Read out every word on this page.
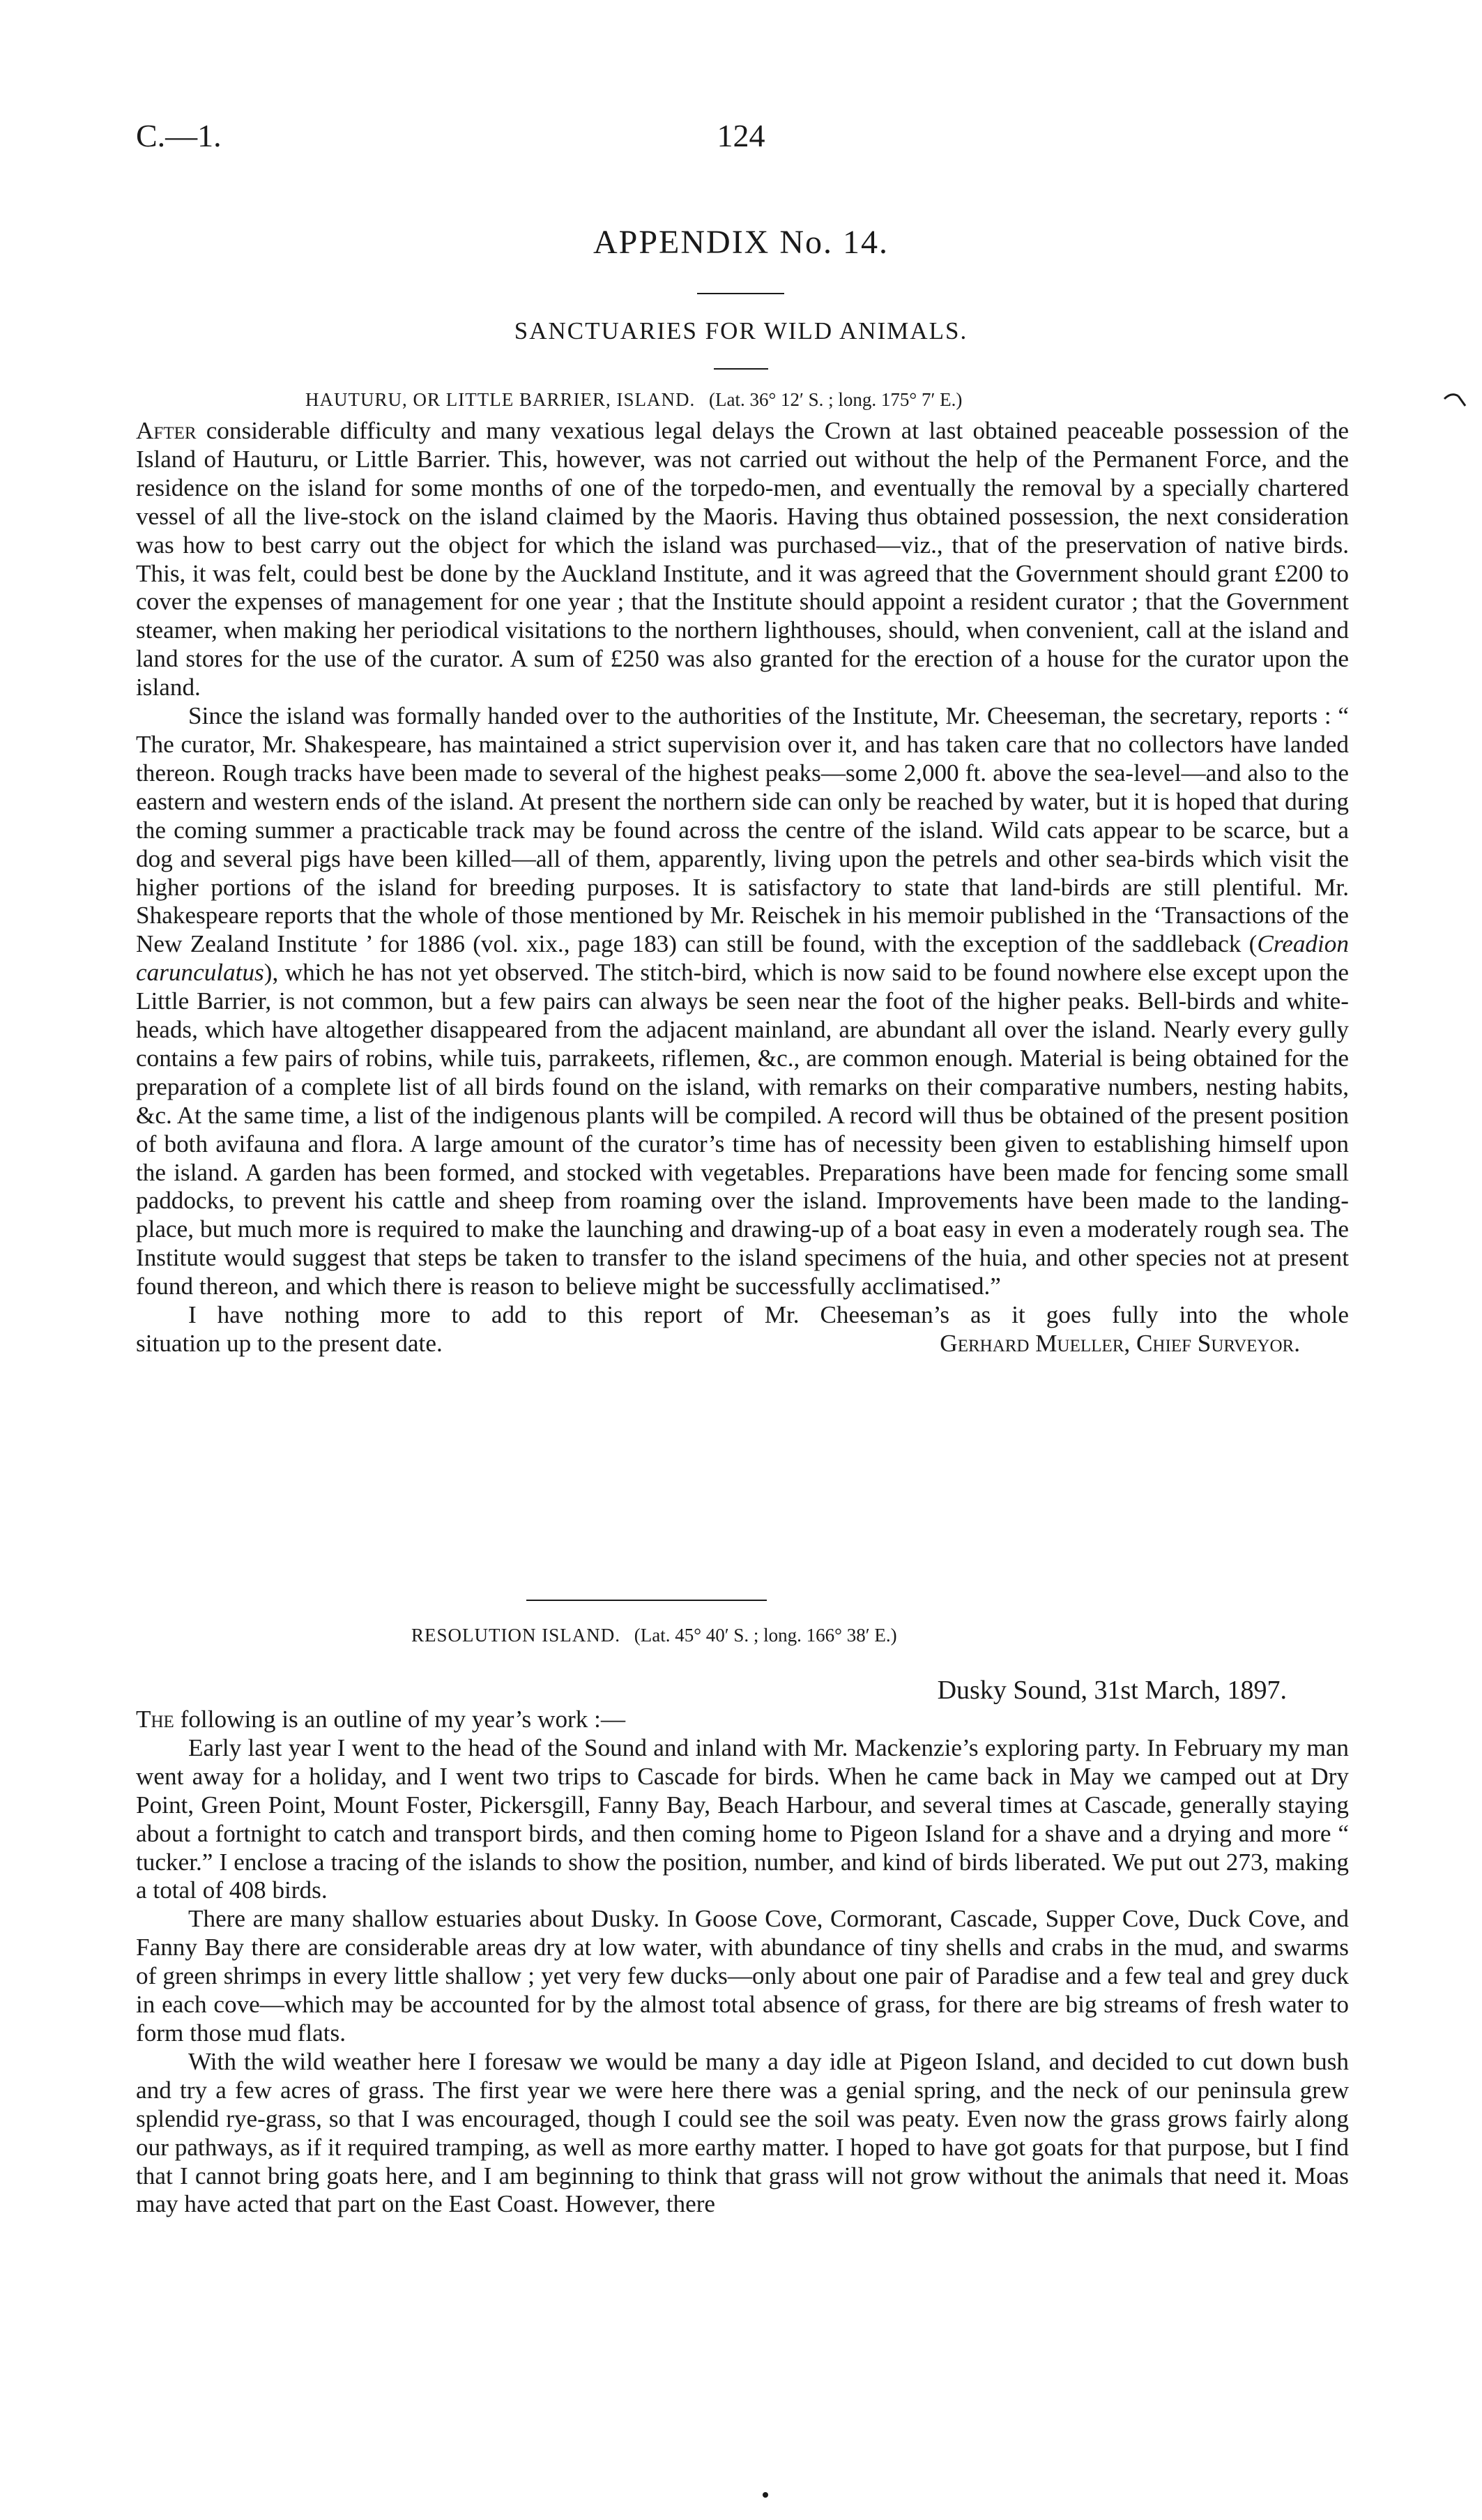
C.—1.	124
APPENDIX No. 14.
SANCTUARIES FOR WILD ANIMALS.
HAUTURU, OR LITTLE BARRIER, ISLAND. (Lat. 36° 12′ S. ; long. 175° 7′ E.)

After considerable difficulty and many vexatious legal delays the Crown at last obtained peaceable possession of the Island of Hauturu, or Little Barrier. This, however, was not carried out without the help of the Permanent Force, and the residence on the island for some months of one of the torpedo-men, and eventually the removal by a specially chartered vessel of all the live-stock on the island claimed by the Maoris. Having thus obtained possession, the next consideration was how to best carry out the object for which the island was purchased—viz., that of the preservation of native birds. This, it was felt, could best be done by the Auckland Institute, and it was agreed that the Government should grant £200 to cover the expenses of management for one year ; that the Institute should appoint a resident curator ; that the Government steamer, when making her periodical visitations to the northern lighthouses, should, when convenient, call at the island and land stores for the use of the curator. A sum of £250 was also granted for the erection of a house for the curator upon the island.

Since the island was formally handed over to the authorities of the Institute, Mr. Cheeseman, the secretary, reports : “ The curator, Mr. Shakespeare, has maintained a strict supervision over it, and has taken care that no collectors have landed thereon. Rough tracks have been made to several of the highest peaks—some 2,000 ft. above the sea-level—and also to the eastern and western ends of the island. At present the northern side can only be reached by water, but it is hoped that during the coming summer a practicable track may be found across the centre of the island. Wild cats appear to be scarce, but a dog and several pigs have been killed—all of them, apparently, living upon the petrels and other sea-birds which visit the higher portions of the island for breeding purposes. It is satisfactory to state that land-birds are still plentiful. Mr. Shakespeare reports that the whole of those mentioned by Mr. Reischek in his memoir published in the ‘Transactions of the New Zealand Institute ’ for 1886 (vol. xix., page 183) can still be found, with the exception of the saddleback (Creadion carunculatus), which he has not yet observed. The stitch-bird, which is now said to be found nowhere else except upon the Little Barrier, is not common, but a few pairs can always be seen near the foot of the higher peaks. Bell-birds and white-heads, which have altogether disappeared from the adjacent mainland, are abundant all over the island. Nearly every gully contains a few pairs of robins, while tuis, parrakeets, riflemen, &c., are common enough. Material is being obtained for the preparation of a complete list of all birds found on the island, with remarks on their comparative numbers, nesting habits, &c. At the same time, a list of the indigenous plants will be compiled. A record will thus be obtained of the present position of both avifauna and flora. A large amount of the curator’s time has of necessity been given to establishing himself upon the island. A garden has been formed, and stocked with vegetables. Preparations have been made for fencing some small paddocks, to prevent his cattle and sheep from roaming over the island. Improvements have been made to the landing-place, but much more is required to make the launching and drawing-up of a boat easy in even a moderately rough sea. The Institute would suggest that steps be taken to transfer to the island specimens of the huia, and other species not at present found thereon, and which there is reason to believe might be successfully acclimatised.”

I have nothing more to add to this report of Mr. Cheeseman’s as it goes fully into the whole

situation up to the present date.	Gerhard Mueller, Chief Surveyor.
RESOLUTION ISLAND. (Lat. 45° 40′ S. ; long. 166° 38′ E.)
Dusky Sound, 31st March, 1897.

The following is an outline of my year’s work :—

Early last year I went to the head of the Sound and inland with Mr. Mackenzie’s exploring party. In February my man went away for a holiday, and I went two trips to Cascade for birds. When he came back in May we camped out at Dry Point, Green Point, Mount Foster, Pickersgill, Fanny Bay, Beach Harbour, and several times at Cascade, generally staying about a fortnight to catch and transport birds, and then coming home to Pigeon Island for a shave and a drying and more “ tucker.” I enclose a tracing of the islands to show the position, number, and kind of birds liberated. We put out 273, making a total of 408 birds.

There are many shallow estuaries about Dusky. In Goose Cove, Cormorant, Cascade, Supper Cove, Duck Cove, and Fanny Bay there are considerable areas dry at low water, with abundance of tiny shells and crabs in the mud, and swarms of green shrimps in every little shallow ; yet very few ducks—only about one pair of Paradise and a few teal and grey duck in each cove—which may be accounted for by the almost total absence of grass, for there are big streams of fresh water to form those mud flats.

With the wild weather here I foresaw we would be many a day idle at Pigeon Island, and decided to cut down bush and try a few acres of grass. The first year we were here there was a genial spring, and the neck of our peninsula grew splendid rye-grass, so that I was encouraged, though I could see the soil was peaty. Even now the grass grows fairly along our pathways, as if it required tramping, as well as more earthy matter. I hoped to have got goats for that purpose, but I find that I cannot bring goats here, and I am beginning to think that grass will not grow without the animals that need it. Moas may have acted that part on the East Coast. However, there
